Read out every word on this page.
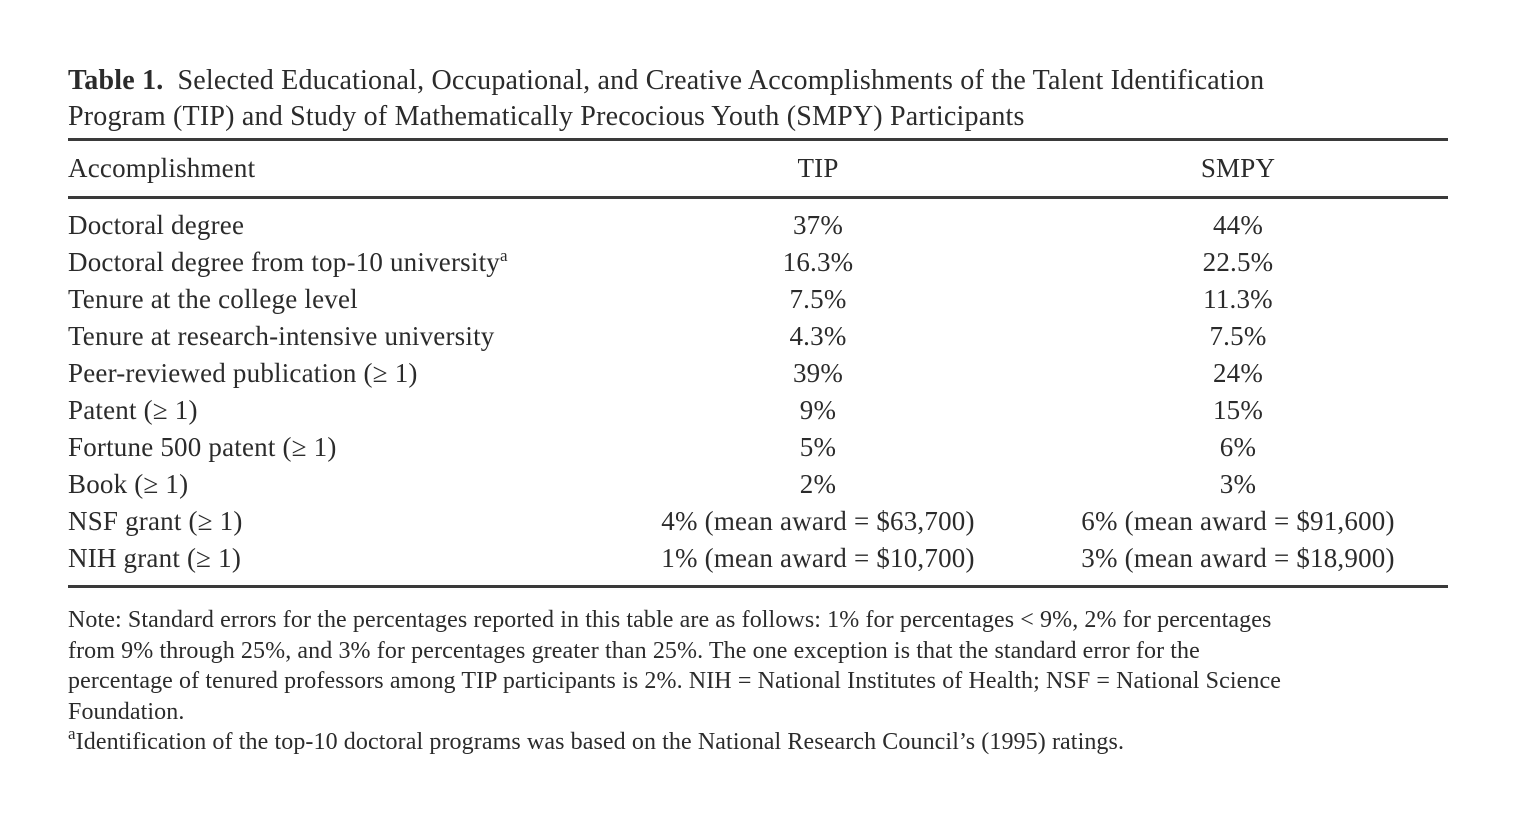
Table 1. Selected Educational, Occupational, and Creative Accomplishments of the Talent Identification
Program (TIP) and Study of Mathematically Precocious Youth (SMPY) Participants
Accomplishment	TIP	SMPY
Doctoral degree	37%	44%
Doctoral degree from top-10 university$^a$	16.3%	22.5%
Tenure at the college level	7.5%	11.3%
Tenure at research-intensive university	4.3%	7.5%
Peer-reviewed publication (≥ 1)	39%	24%
Patent (≥ 1)	9%	15%
Fortune 500 patent (≥ 1)	5%	6%
Book (≥ 1)	2%	3%
NSF grant (≥ 1)	4% (mean award = $63,700)	6% (mean award = $91,600)
NIH grant (≥ 1)	1% (mean award = $10,700)	3% (mean award = $18,900)
Note: Standard errors for the percentages reported in this table are as follows: 1% for percentages < 9%, 2% for percentages
from 9% through 25%, and 3% for percentages greater than 25%. The one exception is that the standard error for the
percentage of tenured professors among TIP participants is 2%. NIH = National Institutes of Health; NSF = National Science
Foundation.
$^a$Identification of the top-10 doctoral programs was based on the National Research Council’s (1995) ratings.
